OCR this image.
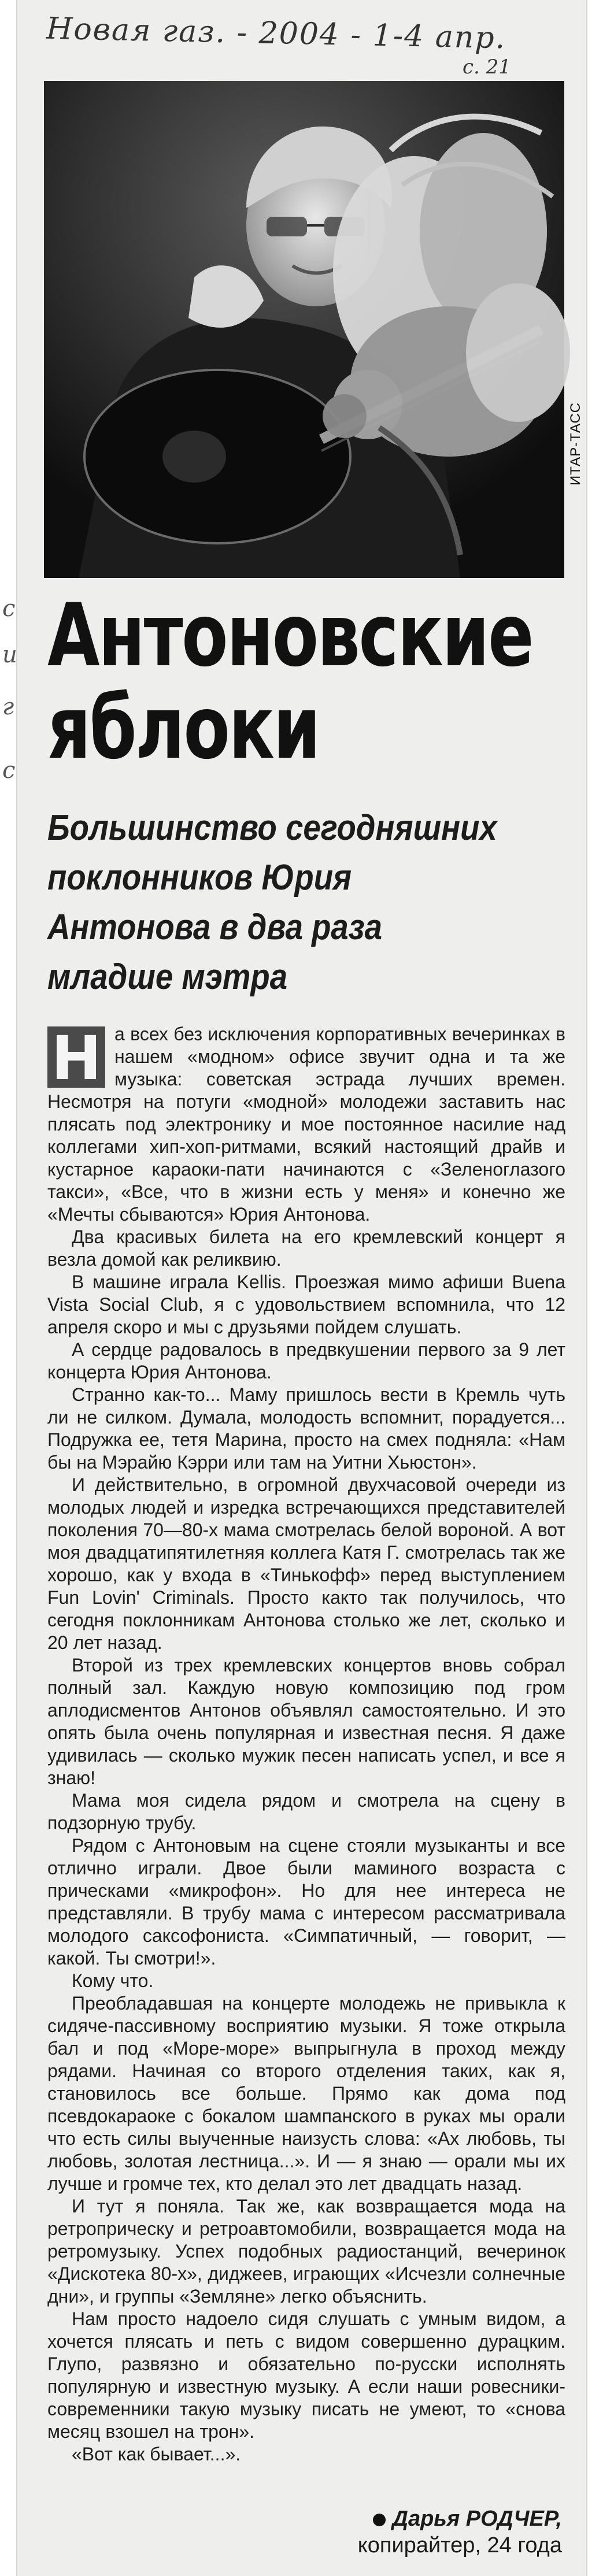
Новая газ. - 2004 - 1-4 апр.
с. 21
с
и
г
с
ИТАР-ТАСС
Антоновские
яблоки
Большинство сегодняшних
поклонников Юрия
Антонова в два раза
младше мэтра

Н а всех без исключения корпоративных вечеринках в нашем «модном» офисе звучит одна и та же музыка: советская эстрада лучших времен. Несмотря на потуги «модной» молодежи заставить нас плясать под электронику и мое постоянное насилие над коллегами хип-хоп-ритмами, всякий настоящий драйв и кустарное караоки-пати начинаются с «Зеленоглазого такси», «Все, что в жизни есть у меня» и конечно же «Мечты сбываются» Юрия Антонова.

Два красивых билета на его кремлевский концерт я везла домой как реликвию.

В машине играла Kellis. Проезжая мимо афиши Buena Vista Social Club, я с удовольствием вспомнила, что 12 апреля скоро и мы с друзьями пойдем слушать.

А сердце радовалось в предвкушении первого за 9 лет концерта Юрия Антонова.

Странно как-то... Маму пришлось вести в Кремль чуть ли не силком. Думала, молодость вспомнит, порадуется... Подружка ее, тетя Марина, просто на смех подняла: «Нам бы на Мэрайю Кэрри или там на Уитни Хьюстон».

И действительно, в огромной двухчасовой очереди из молодых людей и изредка встречающихся представителей поколения 70—80-х мама смотрелась белой вороной. А вот моя двадцатипятилетняя коллега Катя Г. смотрелась так же хорошо, как у входа в «Тинькофф» перед выступлением Fun Lovin' Criminals. Просто както так получилось, что сегодня поклонникам Антонова столько же лет, сколько и 20 лет назад.

Второй из трех кремлевских концертов вновь собрал полный зал. Каждую новую композицию под гром аплодисментов Антонов объявлял самостоятельно. И это опять была очень популярная и известная песня. Я даже удивилась — сколько мужик песен написать успел, и все я знаю!

Мама моя сидела рядом и смотрела на сцену в подзорную трубу.

Рядом с Антоновым на сцене стояли музыканты и все отлично играли. Двое были маминого возраста с прическами «микрофон». Но для нее интереса не представляли. В трубу мама с интересом рассматривала молодого саксофониста. «Симпатичный, — говорит, — какой. Ты смотри!».

Кому что.

Преобладавшая на концерте молодежь не привыкла к сидяче-пассивному восприятию музыки. Я тоже открыла бал и под «Море-море» выпрыгнула в проход между рядами. Начиная со второго отделения таких, как я, становилось все больше. Прямо как дома под псевдокараоке с бокалом шампанского в руках мы орали что есть силы выученные наизусть слова: «Ах любовь, ты любовь, золотая лестница...». И — я знаю — орали мы их лучше и громче тех, кто делал это лет двадцать назад.

И тут я поняла. Так же, как возвращается мода на ретроприческу и ретроавтомобили, возвращается мода на ретромузыку. Успех подобных радиостанций, вечеринок «Дискотека 80-х», диджеев, играющих «Исчезли солнечные дни», и группы «Земляне» легко объяснить.

Нам просто надоело сидя слушать с умным видом, а хочется плясать и петь с видом совершенно дурацким. Глупо, развязно и обязательно по-русски исполнять популярную и известную музыку. А если наши ровесники-современники такую музыку писать не умеют, то «снова месяц взошел на трон».

«Вот как бывает...».

Дарья РОДЧЕР,
копирайтер, 24 года
